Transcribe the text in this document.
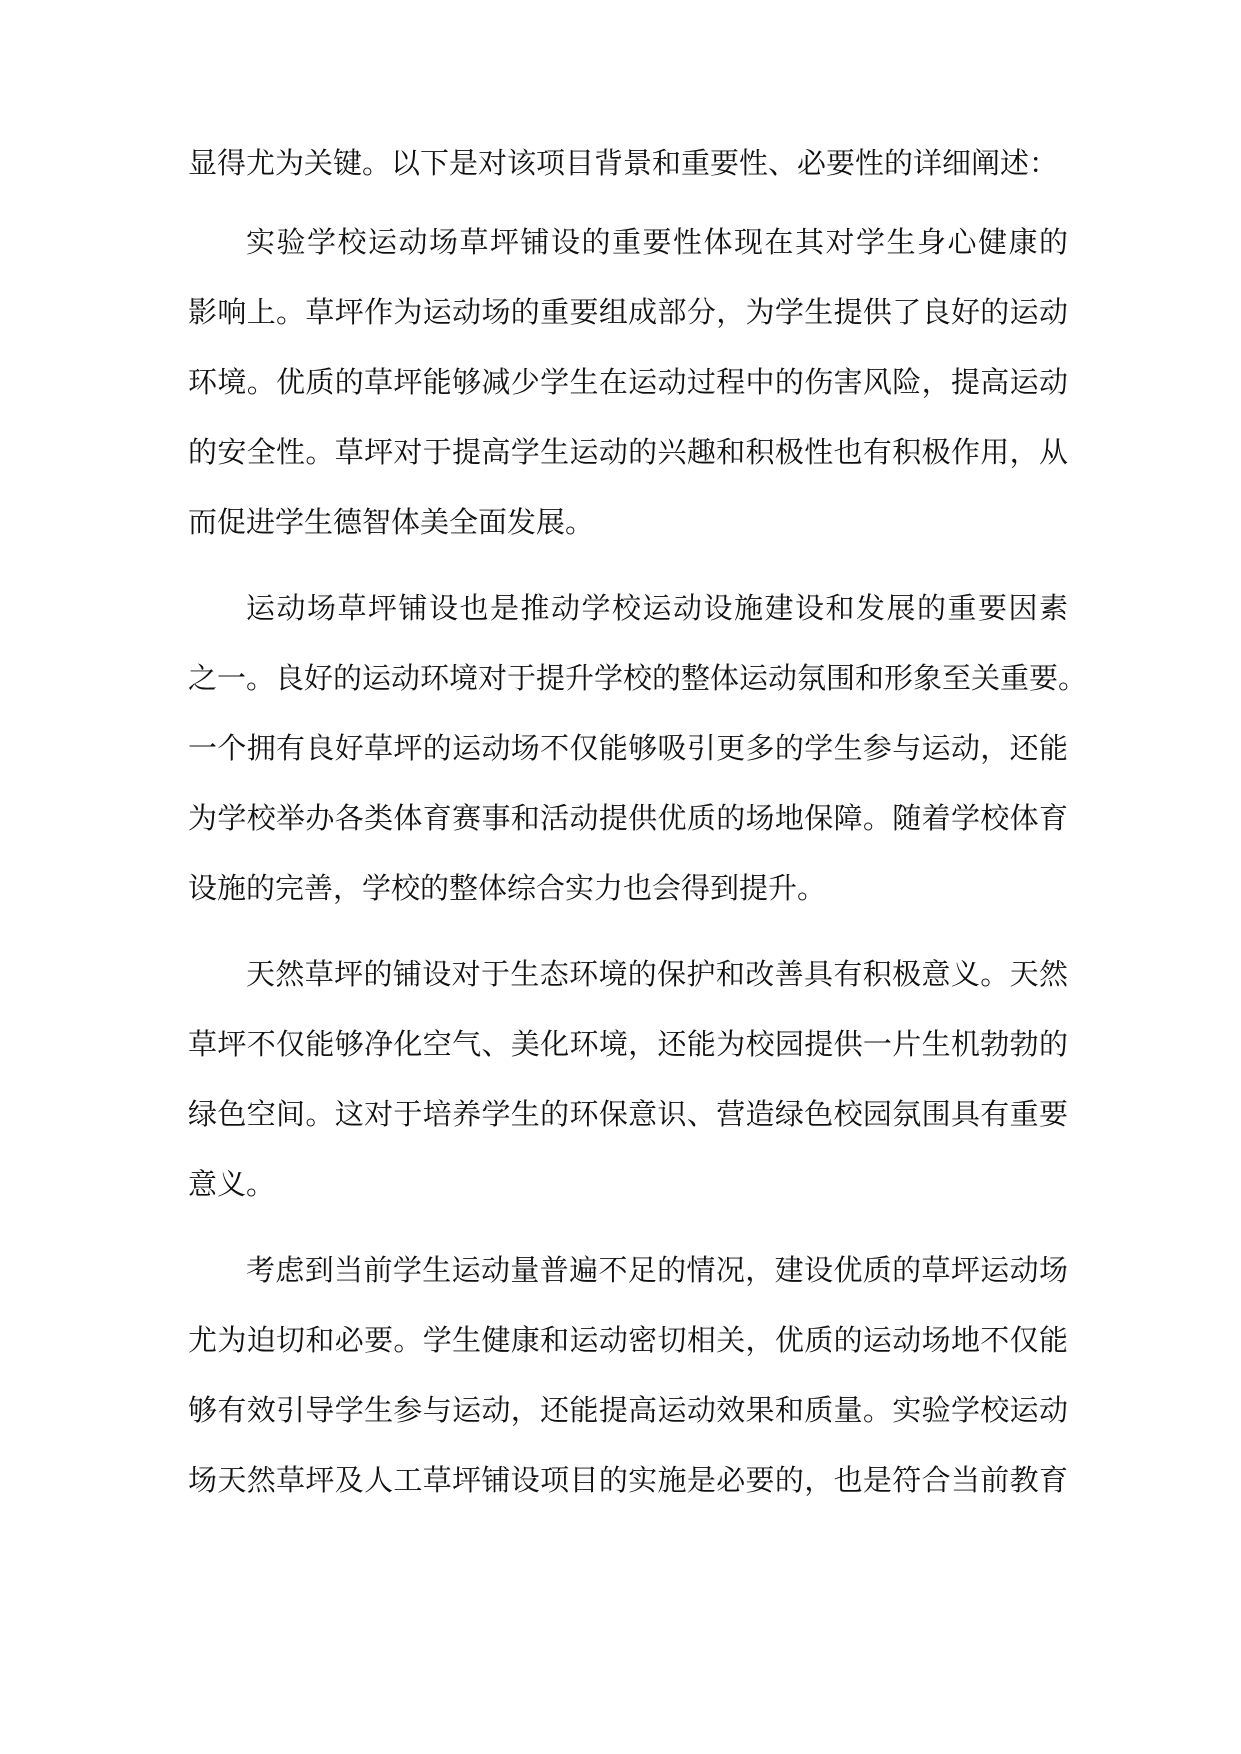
显得尤为关键。以下是对该项目背景和重要性、必要性的详细阐述：
实验学校运动场草坪铺设的重要性体现在其对学生身心健康的
影响上。草坪作为运动场的重要组成部分，为学生提供了良好的运动
环境。优质的草坪能够减少学生在运动过程中的伤害风险，提高运动
的安全性。草坪对于提高学生运动的兴趣和积极性也有积极作用，从
而促进学生德智体美全面发展。
运动场草坪铺设也是推动学校运动设施建设和发展的重要因素
之一。良好的运动环境对于提升学校的整体运动氛围和形象至关重要。
一个拥有良好草坪的运动场不仅能够吸引更多的学生参与运动，还能
为学校举办各类体育赛事和活动提供优质的场地保障。随着学校体育
设施的完善，学校的整体综合实力也会得到提升。
天然草坪的铺设对于生态环境的保护和改善具有积极意义。天然
草坪不仅能够净化空气、美化环境，还能为校园提供一片生机勃勃的
绿色空间。这对于培养学生的环保意识、营造绿色校园氛围具有重要
意义。
考虑到当前学生运动量普遍不足的情况，建设优质的草坪运动场
尤为迫切和必要。学生健康和运动密切相关，优质的运动场地不仅能
够有效引导学生参与运动，还能提高运动效果和质量。实验学校运动
场天然草坪及人工草坪铺设项目的实施是必要的，也是符合当前教育
